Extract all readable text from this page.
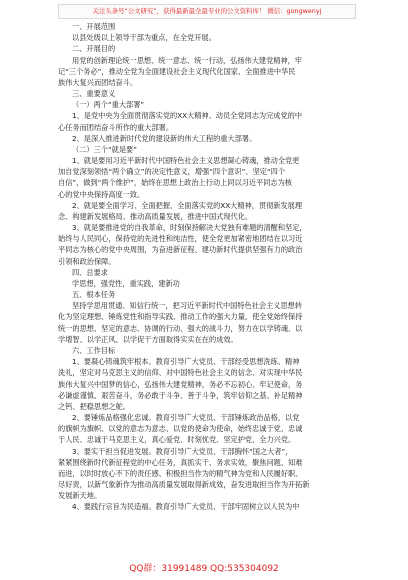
关注头条号“公文研究”，获得最新最全最专业的公文资料库！ 微信：gongwenyj
一、开展范围
以县处级以上领导干部为重点，在全党开展。
二、开展目的
用党的创新理论统一思想、统一意志、统一行动，弘扬伟大建党精神，牢
记“三个务必”，推动全党为全面建设社会主义现代化国家、全面推进中华民
族伟大复兴而团结奋斗。
三、重要意义
（一）两个“重大部署”
1、是党中央为全面贯彻落实党的XX大精神、动员全党同志为完成党的中
心任务而团结奋斗所作的重大部署。
2、是深入推进新时代党的建设新的伟大工程的重大部署。
（二）三个“就是要”
1、就是要用习近平新时代中国特色社会主义思想凝心铸魂，推动全党更
加自觉深刻领悟“两个确立”的决定性意义，增强“四个意识”、坚定“四个
自信”，做到“两个维护”，始终在思想上政治上行动上同以习近平同志为核
心的党中央保持高度一致。
2、就是要全面学习、全面把握、全面落实党的XX大精神，贯彻新发展理
念、构建新发展格局、推动高质量发展，推进中国式现代化。
3、就是要推进党的自我革命，时刻保持解决大党独有难题的清醒和坚定，
始终与人民同心，保持党的先进性和纯洁性，使全党更加紧密地团结在以习近
平同志为核心的党中央周围，为奋进新征程、建功新时代提供坚强有力的政治
引领和政治保障。
四、总要求
学思想，强党性，重实践，建新功
五、根本任务
坚持学思用贯通、知信行统一，把习近平新时代中国特色社会主义思想转
化为坚定理想、锤炼党性和指导实践、推动工作的强大力量，使全党始终保持
统一的思想、坚定的意志、协调的行动、强大的战斗力，努力在以学铸魂、以
学增智、以学正风、以学促干方面取得实实在在的成效。
六、工作目标
1、要凝心铸魂筑牢根本。教育引导广大党员、干部经受思想洗练、精神
洗礼，坚定对马克思主义的信仰、对中国特色社会主义的信念、对实现中华民
族伟大复兴中国梦的信心，弘扬伟大建党精神，务必不忘初心、牢记使命，务
必谦虚谨慎、艰苦奋斗，务必敢于斗争、善于斗争，筑牢信仰之基、补足精神
之钙、把稳思想之舵。
2、要锤炼品格强化忠诚。教育引导广大党员、干部锤炼政治品格，以党
的旗帜为旗帜、以党的意志为意志、以党的使命为使命，始终忠诚于党、忠诚
于人民、忠诚于马克思主义，真心爱党、时刻忧党、坚定护党、全力兴党。
3、要实干担当促进发展。教育引导广大党员、干部胸怀“国之大者”，
紧紧围绕新时代新征程党的中心任务，真抓实干、务求实效，聚焦问题、知难
而进，以时时放心不下的责任感、积极担当作为的精气神为党和人民履好职、
尽好责，以新气象新作为推动高质量发展取得新成效，奋发进取担当作为开拓新
发展新天地。
4、要践行宗旨为民造福。教育引导广大党员、干部牢固树立以人民为中
QQ群：31991489 QQ:535304092
